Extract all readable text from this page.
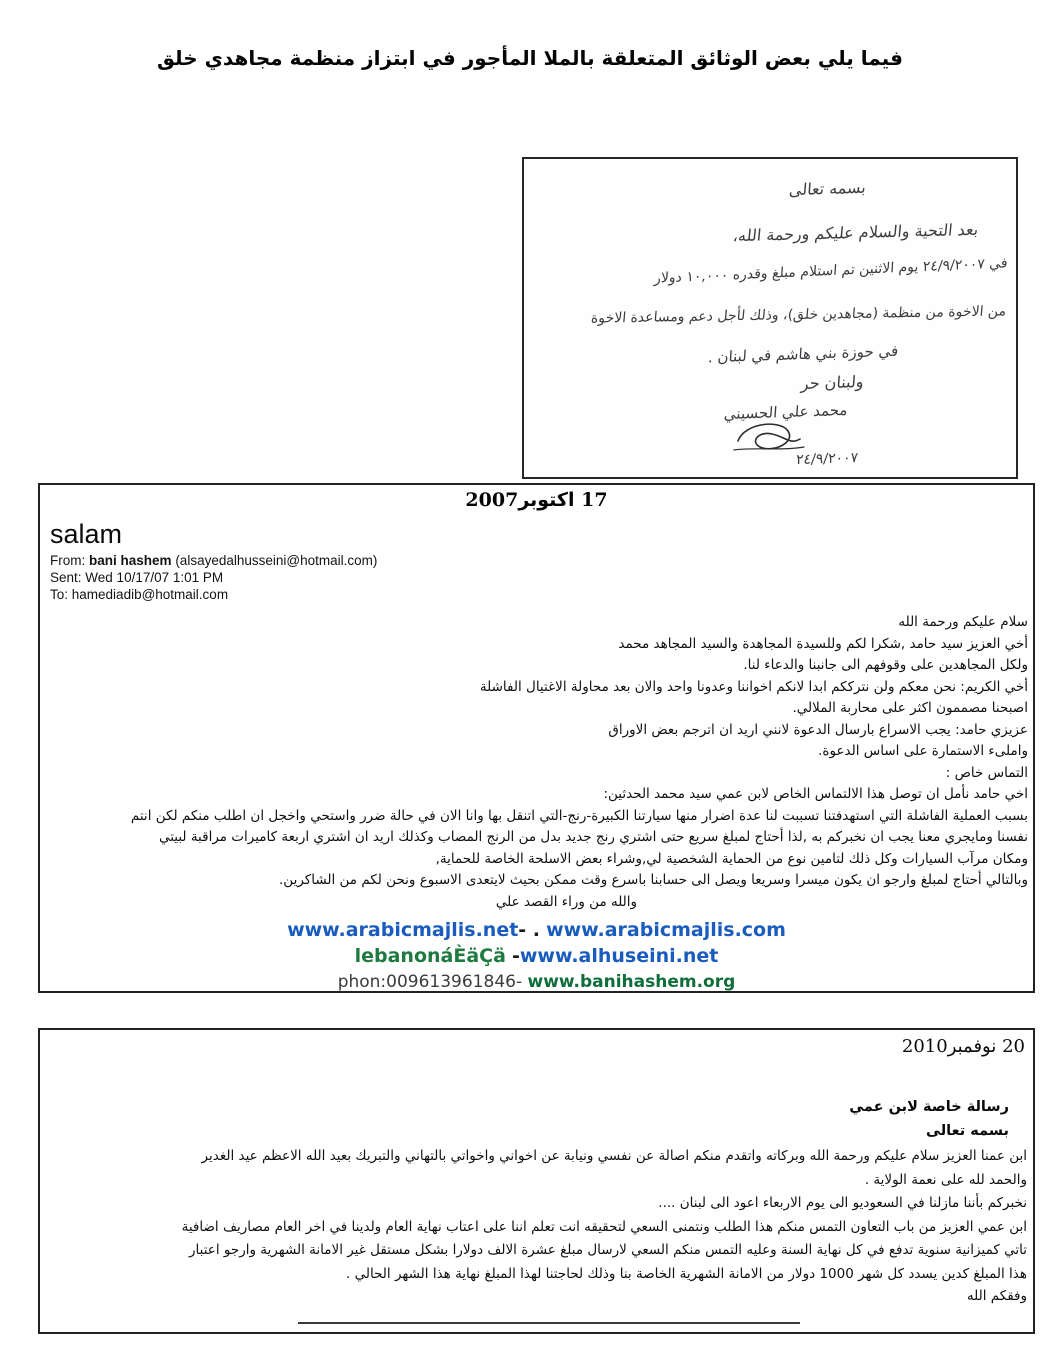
فيما يلي بعض الوثائق المتعلقة بالملا المأجور في ابتزاز منظمة مجاهدي خلق
بسمه تعالى
بعد التحية والسلام عليكم ورحمة الله،
في ٢٤/٩/٢٠٠٧ يوم الاثنين تم استلام مبلغ وقدره ١٠,٠٠٠ دولار
من الاخوة من منظمة (مجاهدين خلق)، وذلك لأجل دعم ومساعدة الاخوة
في حوزة بني هاشم في لبنان .
ولبنان حر
محمد علي الحسيني
٢٤/٩/٢٠٠٧
17 اكتوبر2007
salam
From: bani hashem (alsayedalhusseini@hotmail.com)
Sent: Wed 10/17/07 1:01 PM
To: hamediadib@hotmail.com
سلام عليكم ورحمة الله
أخي العزيز سيد حامد ,شكرا لكم وللسيدة المجاهدة والسيد المجاهد محمد
ولكل المجاهدين على وقوفهم الى جانبنا والدعاء لنا.
أخي الكريم: نحن معكم ولن نترككم ابدا لانكم اخواننا وعدونا واحد والان بعد محاولة الاغتيال الفاشلة
اصبحنا مصممون اكثر على محاربة الملالي.
عزيزي حامد: يجب الاسراع بارسال الدعوة لانني اريد ان اترجم بعض الاوراق
واملىء الاستمارة على اساس الدعوة.
التماس خاص :
اخي حامد نأمل ان توصل هذا الالتماس الخاص لابن عمي سيد محمد الحدثين:
بسبب العملية الفاشلة التي استهدفتنا تسببت لنا عدة اضرار منها سيارتنا الكبيرة-رنج-التي اتنقل بها وانا الان في حالة ضرر واستحي واخجل ان اطلب منكم لكن انتم
نفسنا ومايجري معنا يجب ان نخبركم به ,لذا أحتاج لمبلغ سريع حتى اشتري رنج جديد بدل من الرنج المصاب وكذلك اريد ان اشتري اربعة كاميرات مراقبة لبيتي
ومكان مرآب السيارات وكل ذلك لتامين نوع من الحماية الشخصية لي,وشراء بعض الاسلحة الخاصة للحماية,
وبالتالي أحتاج لمبلغ وارجو ان يكون ميسرا وسريعا ويصل الى حسابنا باسرع وقت ممكن بحيث لايتعدى الاسبوع ونحن لكم من الشاكرين.
والله من وراء القصد علي
www.arabicmajlis.net- . www.arabicmajlis.com
lebanonáÈäÇä -www.alhuseini.net
phon:009613961846- www.banihashem.org
20 نوفمبر2010
رسالة خاصة لابن عمي
بسمه تعالى
ابن عمنا العزيز سلام عليكم ورحمة الله وبركاته واتقدم منكم اصالة عن نفسي ونيابة عن اخواني واخواتي بالتهاني والتبريك بعيد الله الاعظم عيد الغدير
والحمد لله على نعمة الولاية .
نخبركم بأننا مازلنا في السعوديو الى يوم الاربعاء اعود الى لبنان ....
ابن عمي العزيز من باب التعاون التمس منكم هذا الطلب ونتمنى السعي لتحقيقه انت تعلم اننا على اعتاب نهاية العام ولدينا في اخر العام مصاريف اضافية
تاتي كميزانية سنوية تدفع في كل نهاية السنة وعليه التمس منكم السعي لارسال مبلغ عشرة الالف دولارا بشكل مستقل غير الامانة الشهرية وارجو اعتبار
هذا المبلغ كدين يسدد كل شهر 1000 دولار من الامانة الشهرية الخاصة بنا وذلك لحاجتنا لهذا المبلغ نهاية هذا الشهر الحالي .
وفقكم الله
